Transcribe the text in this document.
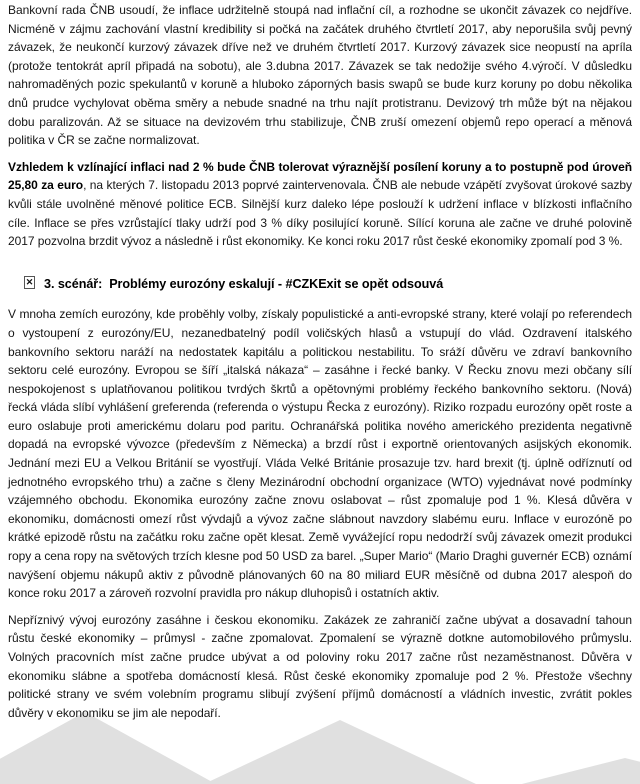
Bankovní rada ČNB usoudí, že inflace udržitelně stoupá nad inflační cíl, a rozhodne se ukončit závazek co nejdříve. Nicméně v zájmu zachování vlastní kredibility si počká na začátek druhého čtvrtletí 2017, aby neporušila svůj pevný závazek, že neukončí kurzový závazek dříve než ve druhém čtvrtletí 2017. Kurzový závazek sice neopustí na apríla (protože tentokrát apríl připadá na sobotu), ale 3.dubna 2017. Závazek se tak nedožije svého 4.výročí. V důsledku nahromaděných pozic spekulantů v koruně a hluboko záporných basis swapů se bude kurz koruny po dobu několika dnů prudce vychylovat oběma směry a nebude snadné na trhu najít protistranu. Devizový trh může být na nějakou dobu paralizován. Až se situace na devizovém trhu stabilizuje, ČNB zruší omezení objemů repo operací a měnová politika v ČR se začne normalizovat.

Vzhledem k vzlínající inflaci nad 2 % bude ČNB tolerovat výraznější posílení koruny a to postupně pod úroveň 25,80 za euro, na kterých 7. listopadu 2013 poprvé zaintervenovala. ČNB ale nebude vzápětí zvyšovat úrokové sazby kvůli stále uvolněné měnové politice ECB. Silnější kurz daleko lépe poslouží k udržení inflace v blízkosti inflačního cíle. Inflace se přes vzrůstající tlaky udrží pod 3 % díky posilující koruně. Sílící koruna ale začne ve druhé polovině 2017 pozvolna brzdit vývoz a následně i růst ekonomiky. Ke konci roku 2017 růst české ekonomiky zpomalí pod 3 %.

✕ 3. scénář:  Problémy eurozóny eskalují - #CZKExit se opět odsouvá

V mnoha zemích eurozóny, kde proběhly volby, získaly populistické a anti-evropské strany, které volají po referendech o vystoupení z eurozóny/EU, nezanedbatelný podíl voličských hlasů a vstupují do vlád. Ozdravení italského bankovního sektoru naráží na nedostatek kapitálu a politickou nestabilitu. To sráží důvěru ve zdraví bankovního sektoru celé eurozóny. Evropou se šíří „italská nákaza“ – zasáhne i řecké banky. V Řecku znovu mezi občany sílí nespokojenost s uplatňovanou politikou tvrdých škrtů a opětovnými problémy řeckého bankovního sektoru. (Nová) řecká vláda slíbí vyhlášení greferenda (referenda o výstupu Řecka z eurozóny). Riziko rozpadu eurozóny opět roste a euro oslabuje proti americkému dolaru pod paritu. Ochranářská politika nového amerického prezidenta negativně dopadá na evropské vývozce (především z Německa) a brzdí růst i exportně orientovaných asijských ekonomik. Jednání mezi EU a Velkou Británií se vyostřují. Vláda Velké Británie prosazuje tzv. hard brexit (tj. úplně odříznutí od jednotného evropského trhu) a začne s členy Mezinárodní obchodní organizace (WTO) vyjednávat nové podmínky vzájemného obchodu. Ekonomika eurozóny začne znovu oslabovat – růst zpomaluje pod 1 %. Klesá důvěra v ekonomiku, domácnosti omezí růst vývdajů a vývoz začne slábnout navzdory slabému euru. Inflace v eurozóně po krátké epizodě růstu na začátku roku začne opět klesat. Země vyvážející ropu nedodrží svůj závazek omezit produkci ropy a cena ropy na světových trzích klesne pod 50 USD za barel. „Super Mario“ (Mario Draghi guvernér ECB) oznámí navýšení objemu nákupů aktiv z původně plánovaných 60 na 80 miliard EUR měsíčně od dubna 2017 alespoň do konce roku 2017 a zároveň rozvolní pravidla pro nákup dluhopisů i ostatních aktiv.

Nepříznivý vývoj eurozóny zasáhne i českou ekonomiku. Zakázek ze zahraničí začne ubývat a dosavadní tahoun růstu české ekonomiky – průmysl - začne zpomalovat. Zpomalení se výrazně dotkne automobilového průmyslu. Volných pracovních míst začne prudce ubývat a od poloviny roku 2017 začne růst nezaměstnanost. Důvěra v ekonomiku slábne a spotřeba domácností klesá. Růst české ekonomiky zpomaluje pod 2 %. Přestože všechny politické strany ve svém volebním programu slibují zvýšení příjmů domácností a vládních investic, zvrátit pokles důvěry v ekonomiku se jim ale nepodaří.
